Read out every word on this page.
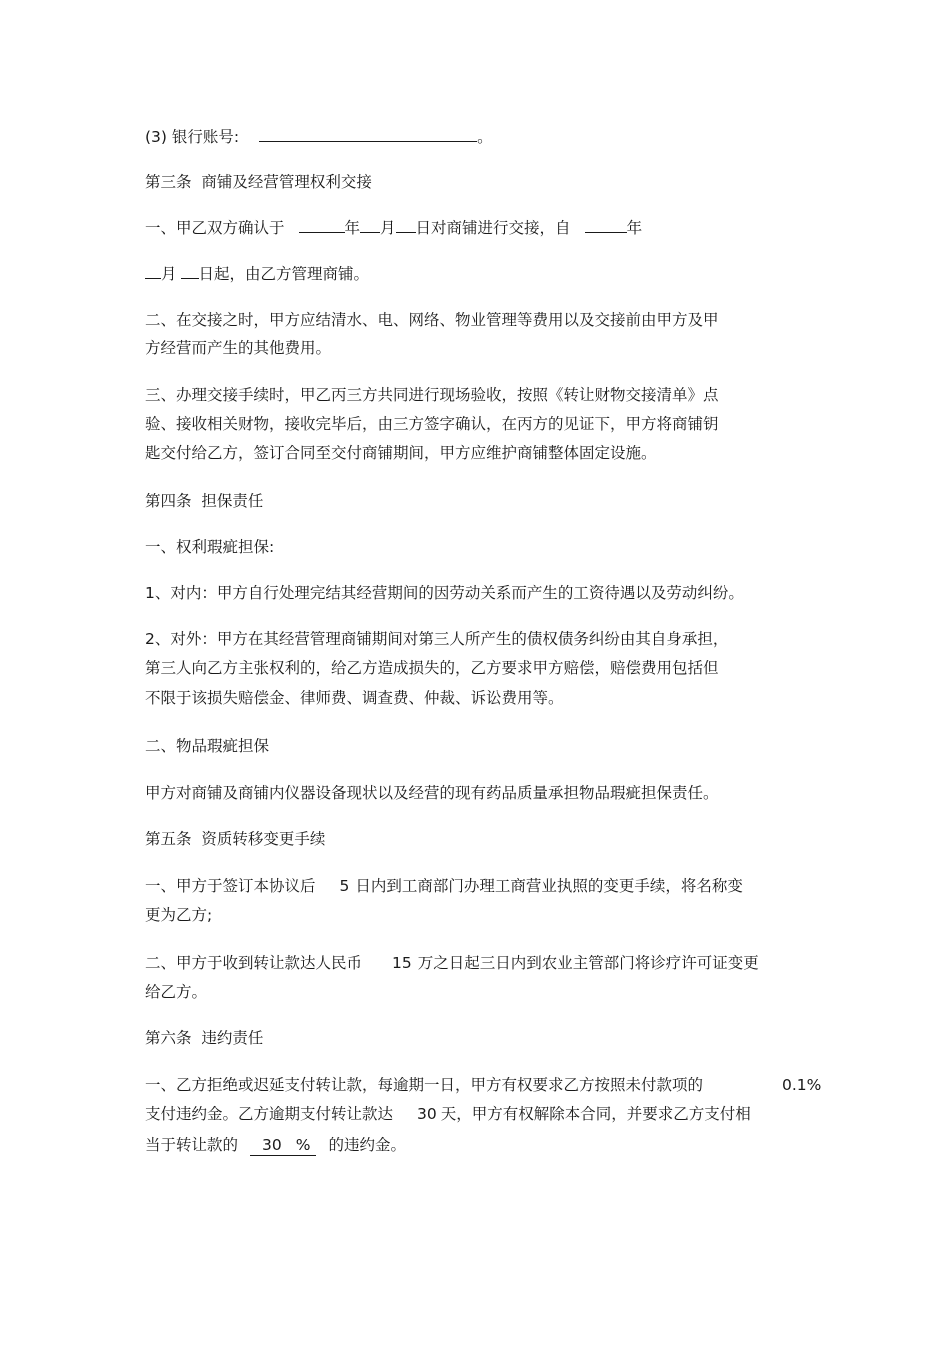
(3) 银行账号:	。
第三条  商铺及经营管理权利交接
一、甲乙双方确认于	年 月 日对商铺进行交接，自	年
月 日起，由乙方管理商铺。
二、在交接之时，甲方应结清水、电、网络、物业管理等费用以及交接前由甲方及甲
方经营而产生的其他费用。
三、办理交接手续时，甲乙丙三方共同进行现场验收，按照《转让财物交接清单》点
验、接收相关财物，接收完毕后，由三方签字确认，在丙方的见证下，甲方将商铺钥
匙交付给乙方，签订合同至交付商铺期间，甲方应维护商铺整体固定设施。
第四条  担保责任
一、权利瑕疵担保:
1、对内：甲方自行处理完结其经营期间的因劳动关系而产生的工资待遇以及劳动纠纷。
2、对外：甲方在其经营管理商铺期间对第三人所产生的债权债务纠纷由其自身承担，
第三人向乙方主张权利的，给乙方造成损失的，乙方要求甲方赔偿，赔偿费用包括但
不限于该损失赔偿金、律师费、调查费、仲裁、诉讼费用等。
二、物品瑕疵担保
甲方对商铺及商铺内仪器设备现状以及经营的现有药品质量承担物品瑕疵担保责任。
第五条  资质转移变更手续
一、甲方于签订本协议后 5 日内到工商部门办理工商营业执照的变更手续，将名称变
更为乙方;
二、甲方于收到转让款达人民币 15 万之日起三日内到农业主管部门将诊疗许可证变更
给乙方。
第六条  违约责任
一、乙方拒绝或迟延支付转让款，每逾期一日，甲方有权要求乙方按照未付款项的	0.1%
支付违约金。乙方逾期支付转让款达 30 天，甲方有权解除本合同，并要求乙方支付相
当于转让款的 30 % 的违约金。
